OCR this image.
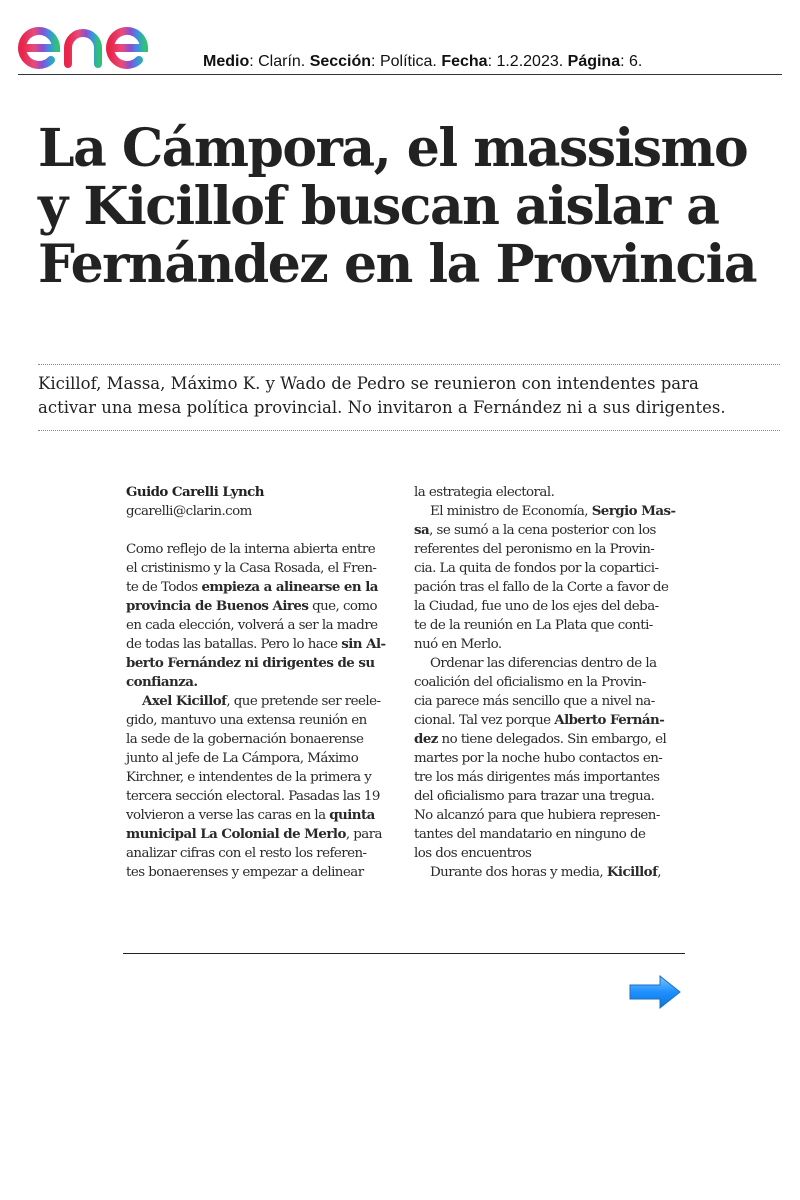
Medio: Clarín. Sección: Política. Fecha: 1.2.2023. Página: 6.
La Cámpora, el massismo
y Kicillof buscan aislar a
Fernández en la Provincia

Kicillof, Massa, Máximo K. y Wado de Pedro se reunieron con intendentes para
activar una mesa política provincial. No invitaron a Fernández ni a sus dirigentes.

Guido Carelli Lynch
gcarelli@clarin.com
Como reflejo de la interna abierta entre
el cristinismo y la Casa Rosada, el Fren-
te de Todos empieza a alinearse en la
provincia de Buenos Aires que, como
en cada elección, volverá a ser la madre
de todas las batallas. Pero lo hace sin Al-
berto Fernández ni dirigentes de su
confianza.
Axel Kicillof, que pretende ser reele-
gido, mantuvo una extensa reunión en
la sede de la gobernación bonaerense
junto al jefe de La Cámpora, Máximo
Kirchner, e intendentes de la primera y
tercera sección electoral. Pasadas las 19
volvieron a verse las caras en la quinta
municipal La Colonial de Merlo, para
analizar cifras con el resto los referen-
tes bonaerenses y empezar a delinear
la estrategia electoral.
El ministro de Economía, Sergio Mas-
sa, se sumó a la cena posterior con los
referentes del peronismo en la Provin-
cia. La quita de fondos por la copartici-
pación tras el fallo de la Corte a favor de
la Ciudad, fue uno de los ejes del deba-
te de la reunión en La Plata que conti-
nuó en Merlo.
Ordenar las diferencias dentro de la
coalición del oficialismo en la Provin-
cia parece más sencillo que a nivel na-
cional. Tal vez porque Alberto Fernán-
dez no tiene delegados. Sin embargo, el
martes por la noche hubo contactos en-
tre los más dirigentes más importantes
del oficialismo para trazar una tregua.
No alcanzó para que hubiera represen-
tantes del mandatario en ninguno de
los dos encuentros
Durante dos horas y media, Kicillof,
